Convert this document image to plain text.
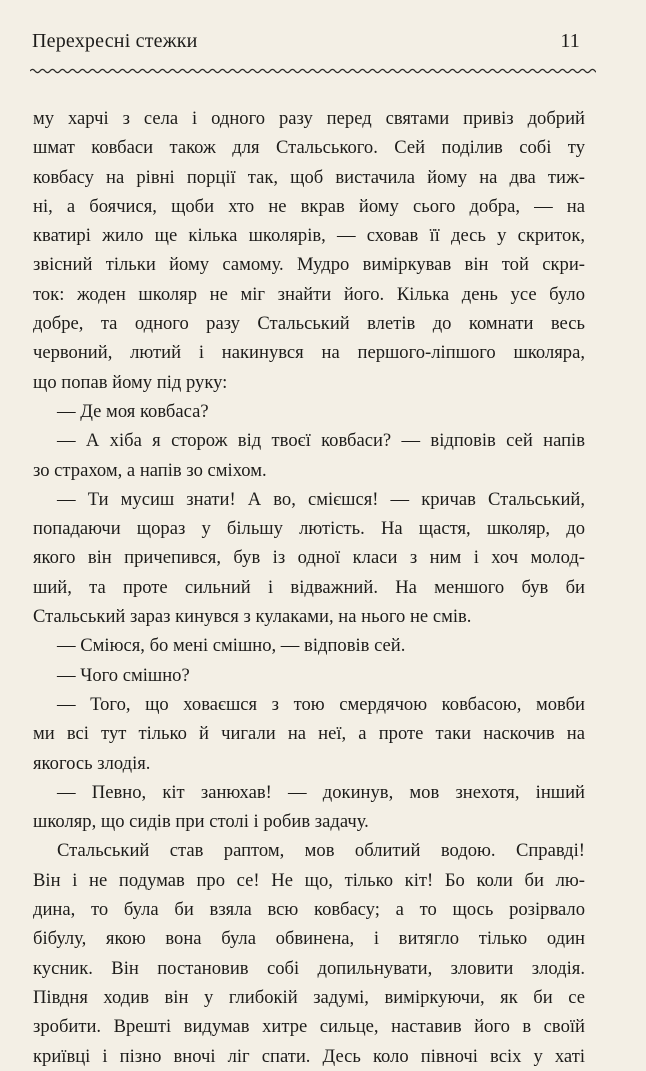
Перехресні стежки	11
му харчі з села і одного разу перед святами привіз добрий
шмат ковбаси також для Стальського. Сей поділив собі ту
ковбасу на рівні порції так, щоб вистачила йому на два тиж-
ні, а боячися, щоби хто не вкрав йому сього добра, — на
кватирі жило ще кілька школярів, — сховав її десь у скриток,
звісний тільки йому самому. Мудро виміркував він той скри-
ток: жоден школяр не міг знайти його. Кілька день усе було
добре, та одного разу Стальський влетів до комнати весь
червоний, лютий і накинувся на першого-ліпшого школяра,
що попав йому під руку:
— Де моя ковбаса?
— А хіба я сторож від твоєї ковбаси? — відповів сей напів
зо страхом, а напів зо сміхом.
— Ти мусиш знати! А во, смієшся! — кричав Стальський,
попадаючи щораз у більшу лютість. На щастя, школяр, до
якого він причепився, був із одної класи з ним і хоч молод-
ший, та проте сильний і відважний. На меншого був би
Стальський зараз кинувся з кулаками, на нього не смів.
— Сміюся, бо мені смішно, — відповів сей.
— Чого смішно?
— Того, що ховаєшся з тою смердячою ковбасою, мовби
ми всі тут тілько й чигали на неї, а проте таки наскочив на
якогось злодія.
— Певно, кіт занюхав! — докинув, мов знехотя, інший
школяр, що сидів при столі і робив задачу.
Стальський став раптом, мов облитий водою. Справді!
Він і не подумав про се! Не що, тілько кіт! Бо коли би лю-
дина, то була би взяла всю ковбасу; а то щось розірвало
бібулу, якою вона була обвинена, і витягло тілько один
кусник. Він постановив собі допильнувати, зловити злодія.
Півдня ходив він у глибокій задумі, виміркуючи, як би се
зробити. Врешті видумав хитре сильце, наставив його в своїй
криївці і пізно вночі ліг спати. Десь коло півночі всіх у хаті
